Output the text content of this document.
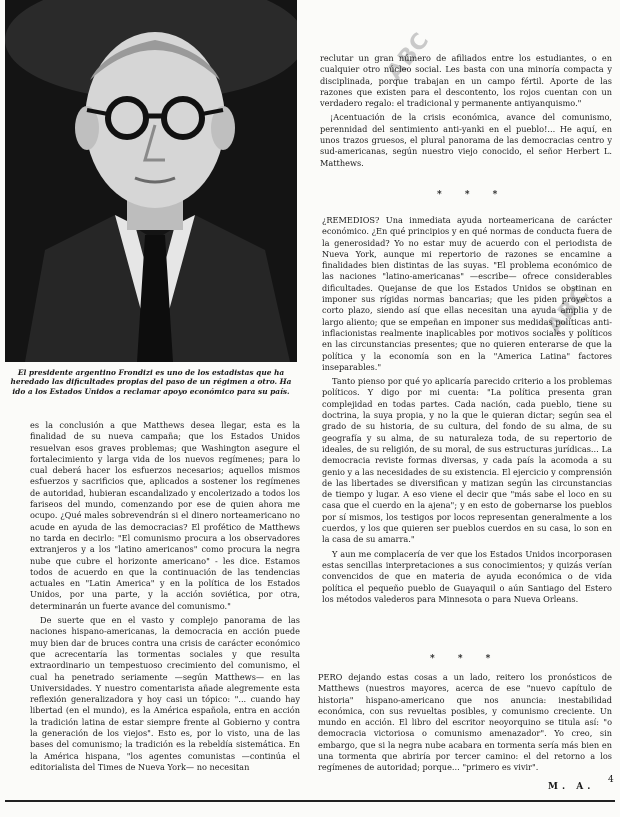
ABC
ABC
El presidente argentino Frondizi es uno de los estadistas que ha heredado las dificultades propias del paso de un régimen a otro. Ha ido a los Estados Unidos a reclamar apoyo económico para su país.

es la conclusión a que Matthews desea llegar, esta es la finalidad de su nueva campaña; que los Estados Unidos resuelvan esos graves problemas; que Washington asegure el fortalecimiento y larga vida de los nuevos regímenes; para lo cual deberá hacer los esfuerzos necesarios; aquellos mismos esfuerzos y sacrificios que, aplicados a sostener los regímenes de autoridad, hubieran escandalizado y encolerizado a todos los fariseos del mundo, comenzando por ese de quien ahora me ocupo. ¿Qué males sobrevendrán si el dinero norteamericano no acude en ayuda de las democracias? El profético de Matthews no tarda en decirlo: "El comunismo procura a los observadores extranjeros y a los "latino americanos" como procura la negra nube que cubre el horizonte americano" - les dice. Estamos todos de acuerdo en que la continuación de las tendencias actuales en "Latin America" y en la política de los Estados Unidos, por una parte, y la acción soviética, por otra, determinarán un fuerte avance del comunismo."

De suerte que en el vasto y complejo panorama de las naciones hispano-americanas, la democracia en acción puede muy bien dar de bruces contra una crisis de carácter económico que acrecentaría las tormentas sociales y que resulta extraordinario un tempestuoso crecimiento del comunismo, el cual ha penetrado seriamente —según Matthews— en las Universidades. Y nuestro comentarista añade alegremente esta reflexión generalizadora y hoy casi un tópico: "... cuando hay libertad (en el mundo), es la América española, entra en acción la tradición latina de estar siempre frente al Gobierno y contra la generación de los viejos". Esto es, por lo visto, una de las bases del comunismo; la tradición es la rebeldía sistemática. En la América hispana, "los agentes comunistas —continúa el editorialista del Times de Nueva York— no necesitan

reclutar un gran número de afiliados entre los estudiantes, o en cualquier otro núcleo social. Les basta con una minoría compacta y disciplinada, porque trabajan en un campo fértil. Aporte de las razones que existen para el descontento, los rojos cuentan con un verdadero regalo: el tradicional y permanente antiyanquismo."

¡Acentuación de la crisis económica, avance del comunismo, perennidad del sentimiento anti-yanki en el pueblo!... He aquí, en unos trazos gruesos, el plural panorama de las democracias centro y sud-americanas, según nuestro viejo conocido, el señor Herbert L. Matthews.

* * *

¿REMEDIOS? Una inmediata ayuda norteamericana de carácter económico. ¿En qué principios y en qué normas de conducta fuera de la generosidad? Yo no estar muy de acuerdo con el periodista de Nueva York, aunque mi repertorio de razones se encamine a finalidades bien distintas de las suyas. "El problema económico de las naciones "latino-americanas" —escribe— ofrece considerables dificultades. Quejanse de que los Estados Unidos se obstinan en imponer sus rígidas normas bancarias; que les piden proyectos a corto plazo, siendo así que ellas necesitan una ayuda amplia y de largo aliento; que se empeñan en imponer sus medidas políticas anti-inflacionistas realmente inaplicables por motivos sociales y políticos en las circunstancias presentes; que no quieren enterarse de que la política y la economía son en la "America Latina" factores inseparables."

Tanto pienso por qué yo aplicaría parecido criterio a los problemas políticos. Y digo por mi cuenta: "La política presenta gran complejidad en todas partes. Cada nación, cada pueblo, tiene su doctrina, la suya propia, y no la que le quieran dictar; según sea el grado de su historia, de su cultura, del fondo de su alma, de su geografía y su alma, de su naturaleza toda, de su repertorio de ideales, de su religión, de su moral, de sus estructuras jurídicas... La democracia reviste formas diversas, y cada país la acomoda a su genio y a las necesidades de su existencia. El ejercicio y comprensión de las libertades se diversifican y matizan según las circunstancias de tiempo y lugar. A eso viene el decir que "más sabe el loco en su casa que el cuerdo en la ajena"; y en esto de gobernarse los pueblos por sí mismos, los testigos por locos representan generalmente a los cuerdos, y los que quieren ser pueblos cuerdos en su casa, lo son en la casa de su amarra."

Y aun me complacería de ver que los Estados Unidos incorporasen estas sencillas interpretaciones a sus conocimientos; y quizás verían convencidos de que en materia de ayuda económica o de vida política el pequeño pueblo de Guayaquil o aún Santiago del Estero los métodos valederos para Minnesota o para Nueva Orleans.

* * *

PERO dejando estas cosas a un lado, reitero los pronósticos de Matthews (nuestros mayores, acerca de ese "nuevo capítulo de historia" hispano-americano que nos anuncia: inestabilidad económica, con sus revueltas posibles, y comunismo creciente. Un mundo en acción. El libro del escritor neoyorquino se titula así: "o democracia victoriosa o comunismo amenazador". Yo creo, sin embargo, que si la negra nube acabara en tormenta sería más bien en una tormenta que abriría por tercer camino: el del retorno a los regímenes de autoridad; porque... "primero es vivir".

M. A.
4
